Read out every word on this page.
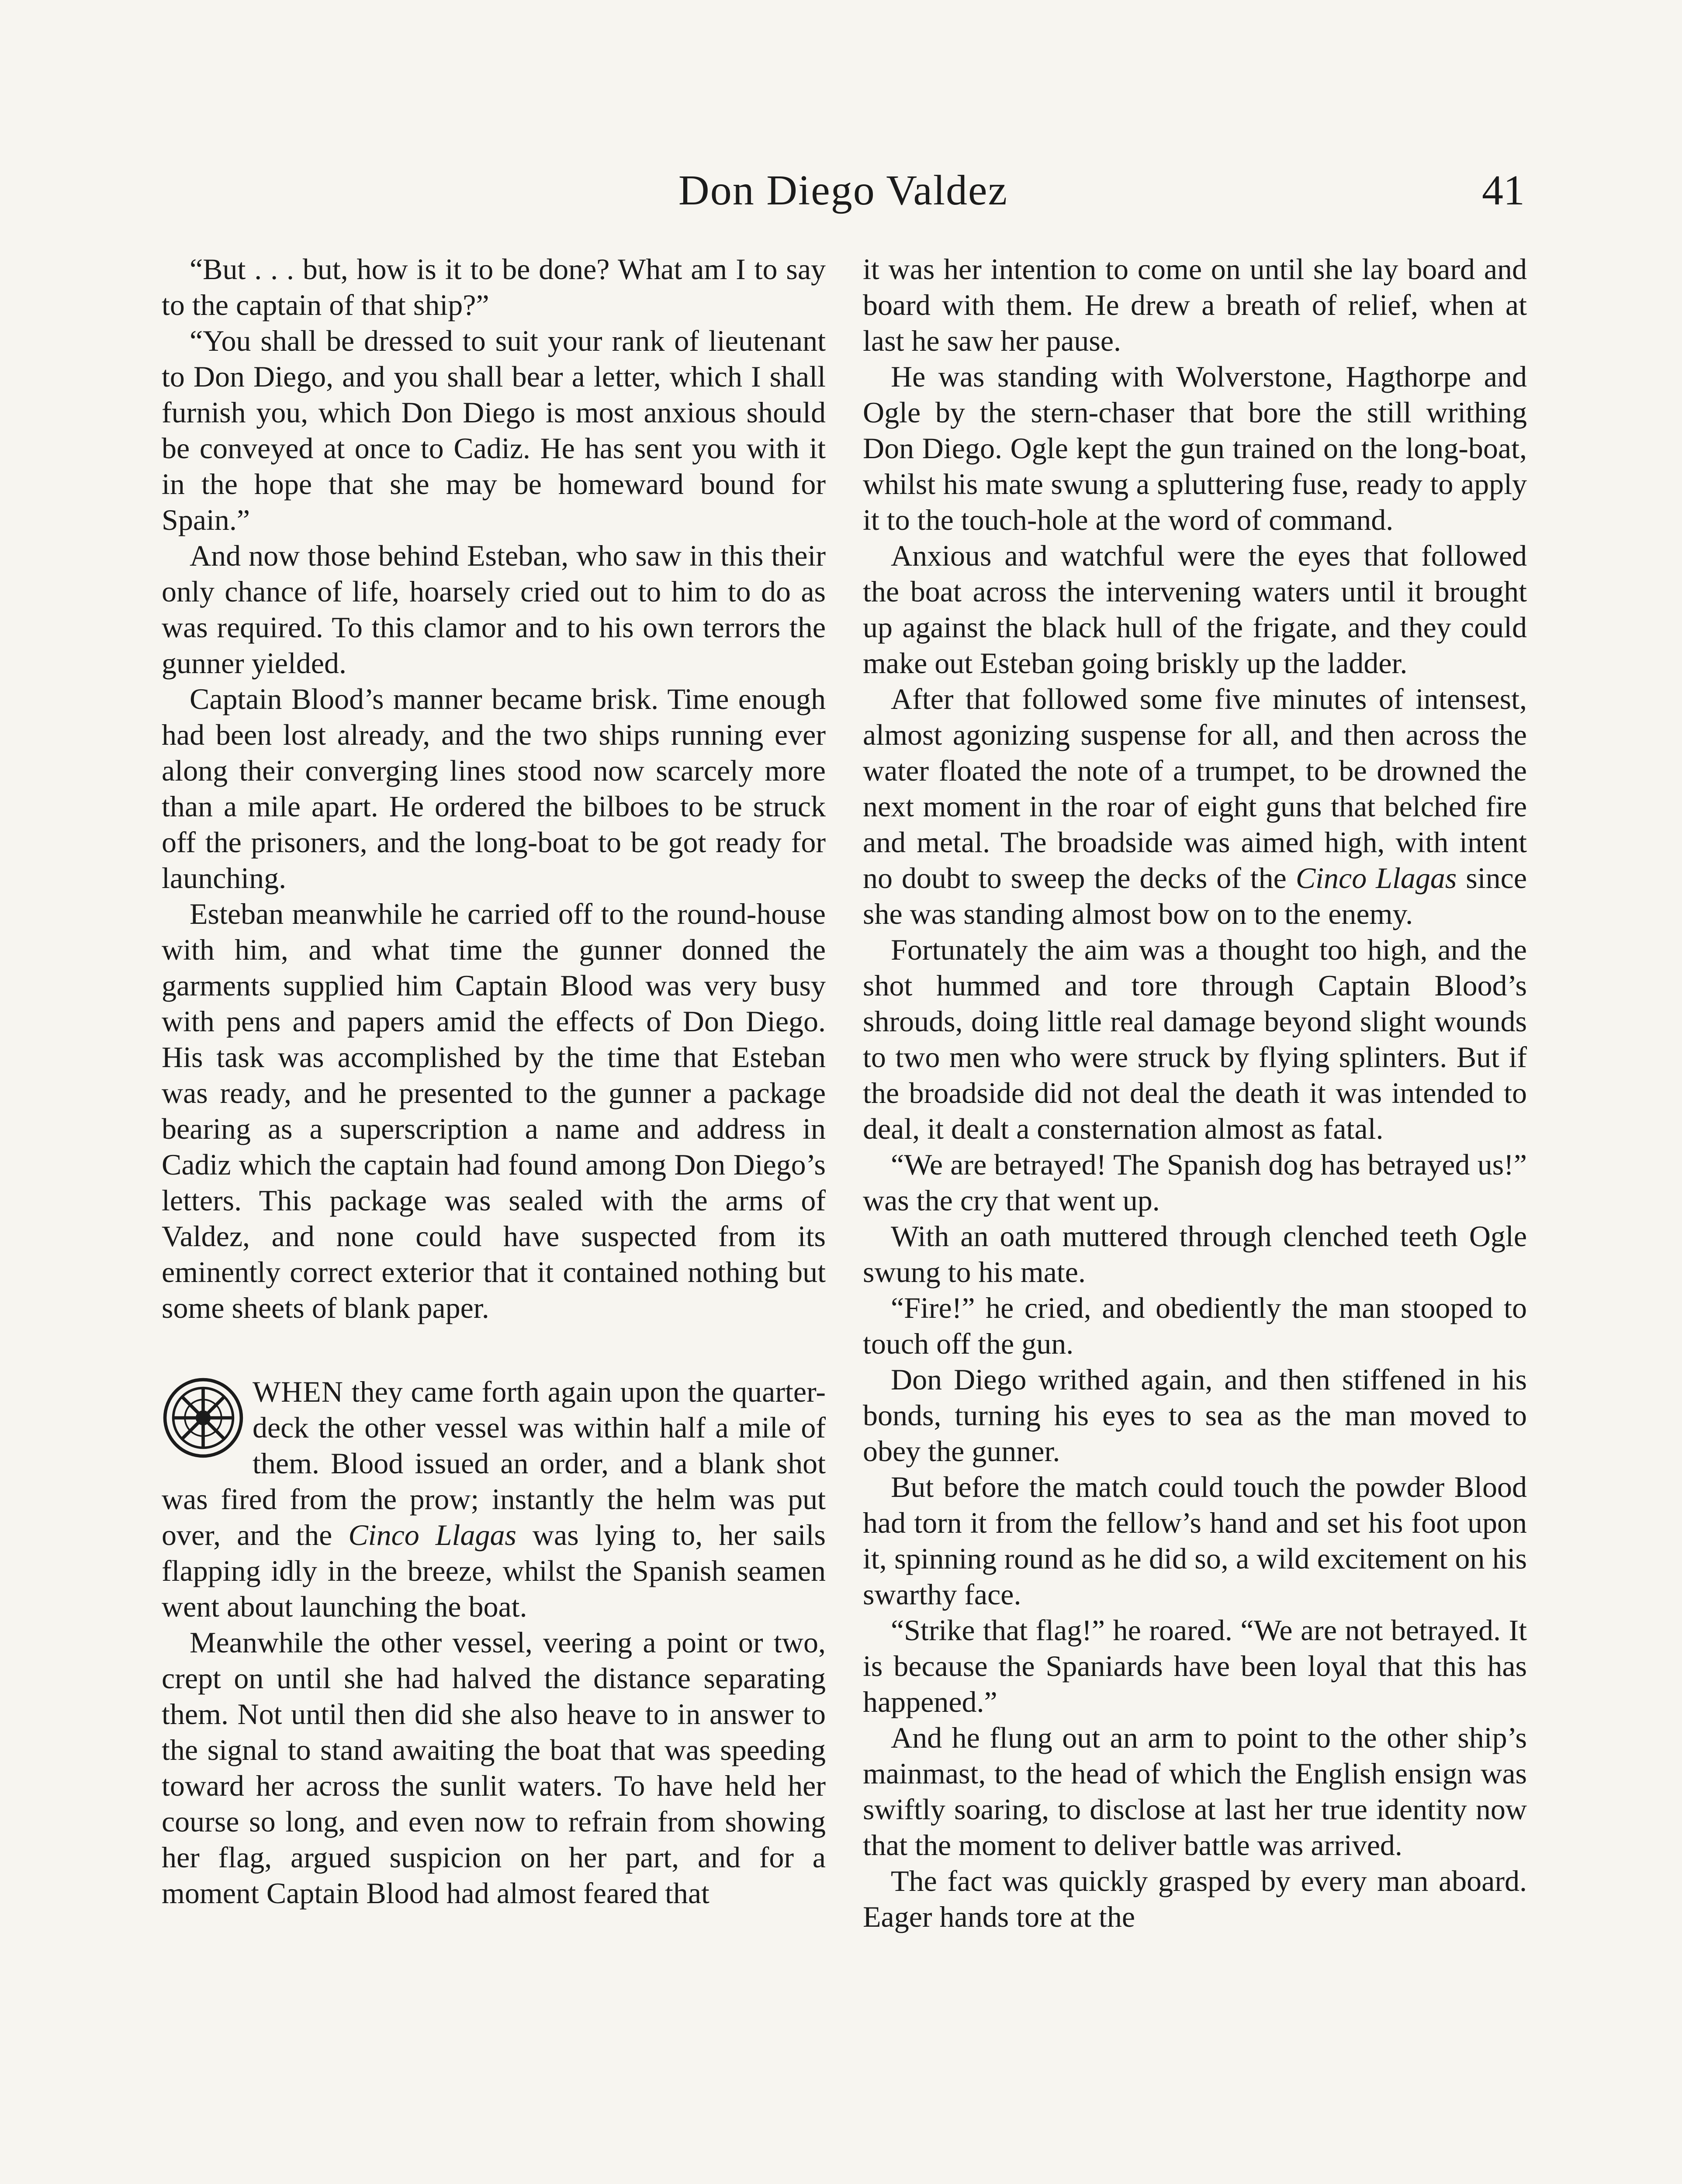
Don Diego Valdez	41

“But . . . but, how is it to be done? What am I to say to the captain of that ship?”

“You shall be dressed to suit your rank of lieutenant to Don Diego, and you shall bear a letter, which I shall furnish you, which Don Diego is most anxious should be conveyed at once to Cadiz. He has sent you with it in the hope that she may be homeward bound for Spain.”

And now those behind Esteban, who saw in this their only chance of life, hoarsely cried out to him to do as was required. To this clamor and to his own terrors the gunner yielded.

Captain Blood’s manner became brisk. Time enough had been lost already, and the two ships running ever along their converging lines stood now scarcely more than a mile apart. He ordered the bilboes to be struck off the prisoners, and the long-boat to be got ready for launching.

Esteban meanwhile he carried off to the round-house with him, and what time the gunner donned the garments supplied him Captain Blood was very busy with pens and papers amid the effects of Don Diego. His task was accomplished by the time that Esteban was ready, and he presented to the gunner a package bearing as a superscription a name and address in Cadiz which the captain had found among Don Diego’s letters. This package was sealed with the arms of Valdez, and none could have suspected from its eminently correct exterior that it contained nothing but some sheets of blank paper.

WHEN they came forth again upon the quarter-deck the other vessel was within half a mile of them. Blood issued an order, and a blank shot was fired from the prow; instantly the helm was put over, and the Cinco Llagas was lying to, her sails flapping idly in the breeze, whilst the Spanish seamen went about launching the boat.

Meanwhile the other vessel, veering a point or two, crept on until she had halved the distance separating them. Not until then did she also heave to in answer to the signal to stand awaiting the boat that was speeding toward her across the sunlit waters. To have held her course so long, and even now to refrain from showing her flag, argued suspicion on her part, and for a moment Captain Blood had almost feared that

it was her intention to come on until she lay board and board with them. He drew a breath of relief, when at last he saw her pause.

He was standing with Wolverstone, Hagthorpe and Ogle by the stern-chaser that bore the still writhing Don Diego. Ogle kept the gun trained on the long-boat, whilst his mate swung a spluttering fuse, ready to apply it to the touch-hole at the word of command.

Anxious and watchful were the eyes that followed the boat across the intervening waters until it brought up against the black hull of the frigate, and they could make out Esteban going briskly up the ladder.

After that followed some five minutes of intensest, almost agonizing suspense for all, and then across the water floated the note of a trumpet, to be drowned the next moment in the roar of eight guns that belched fire and metal. The broadside was aimed high, with intent no doubt to sweep the decks of the Cinco Llagas since she was standing almost bow on to the enemy.

Fortunately the aim was a thought too high, and the shot hummed and tore through Captain Blood’s shrouds, doing little real damage beyond slight wounds to two men who were struck by flying splinters. But if the broadside did not deal the death it was intended to deal, it dealt a consternation almost as fatal.

“We are betrayed! The Spanish dog has betrayed us!” was the cry that went up.

With an oath muttered through clenched teeth Ogle swung to his mate.

“Fire!” he cried, and obediently the man stooped to touch off the gun.

Don Diego writhed again, and then stiffened in his bonds, turning his eyes to sea as the man moved to obey the gunner.

But before the match could touch the powder Blood had torn it from the fellow’s hand and set his foot upon it, spinning round as he did so, a wild excitement on his swarthy face.

“Strike that flag!” he roared. “We are not betrayed. It is because the Spaniards have been loyal that this has happened.”

And he flung out an arm to point to the other ship’s mainmast, to the head of which the English ensign was swiftly soaring, to disclose at last her true identity now that the moment to deliver battle was arrived.

The fact was quickly grasped by every man aboard. Eager hands tore at the
